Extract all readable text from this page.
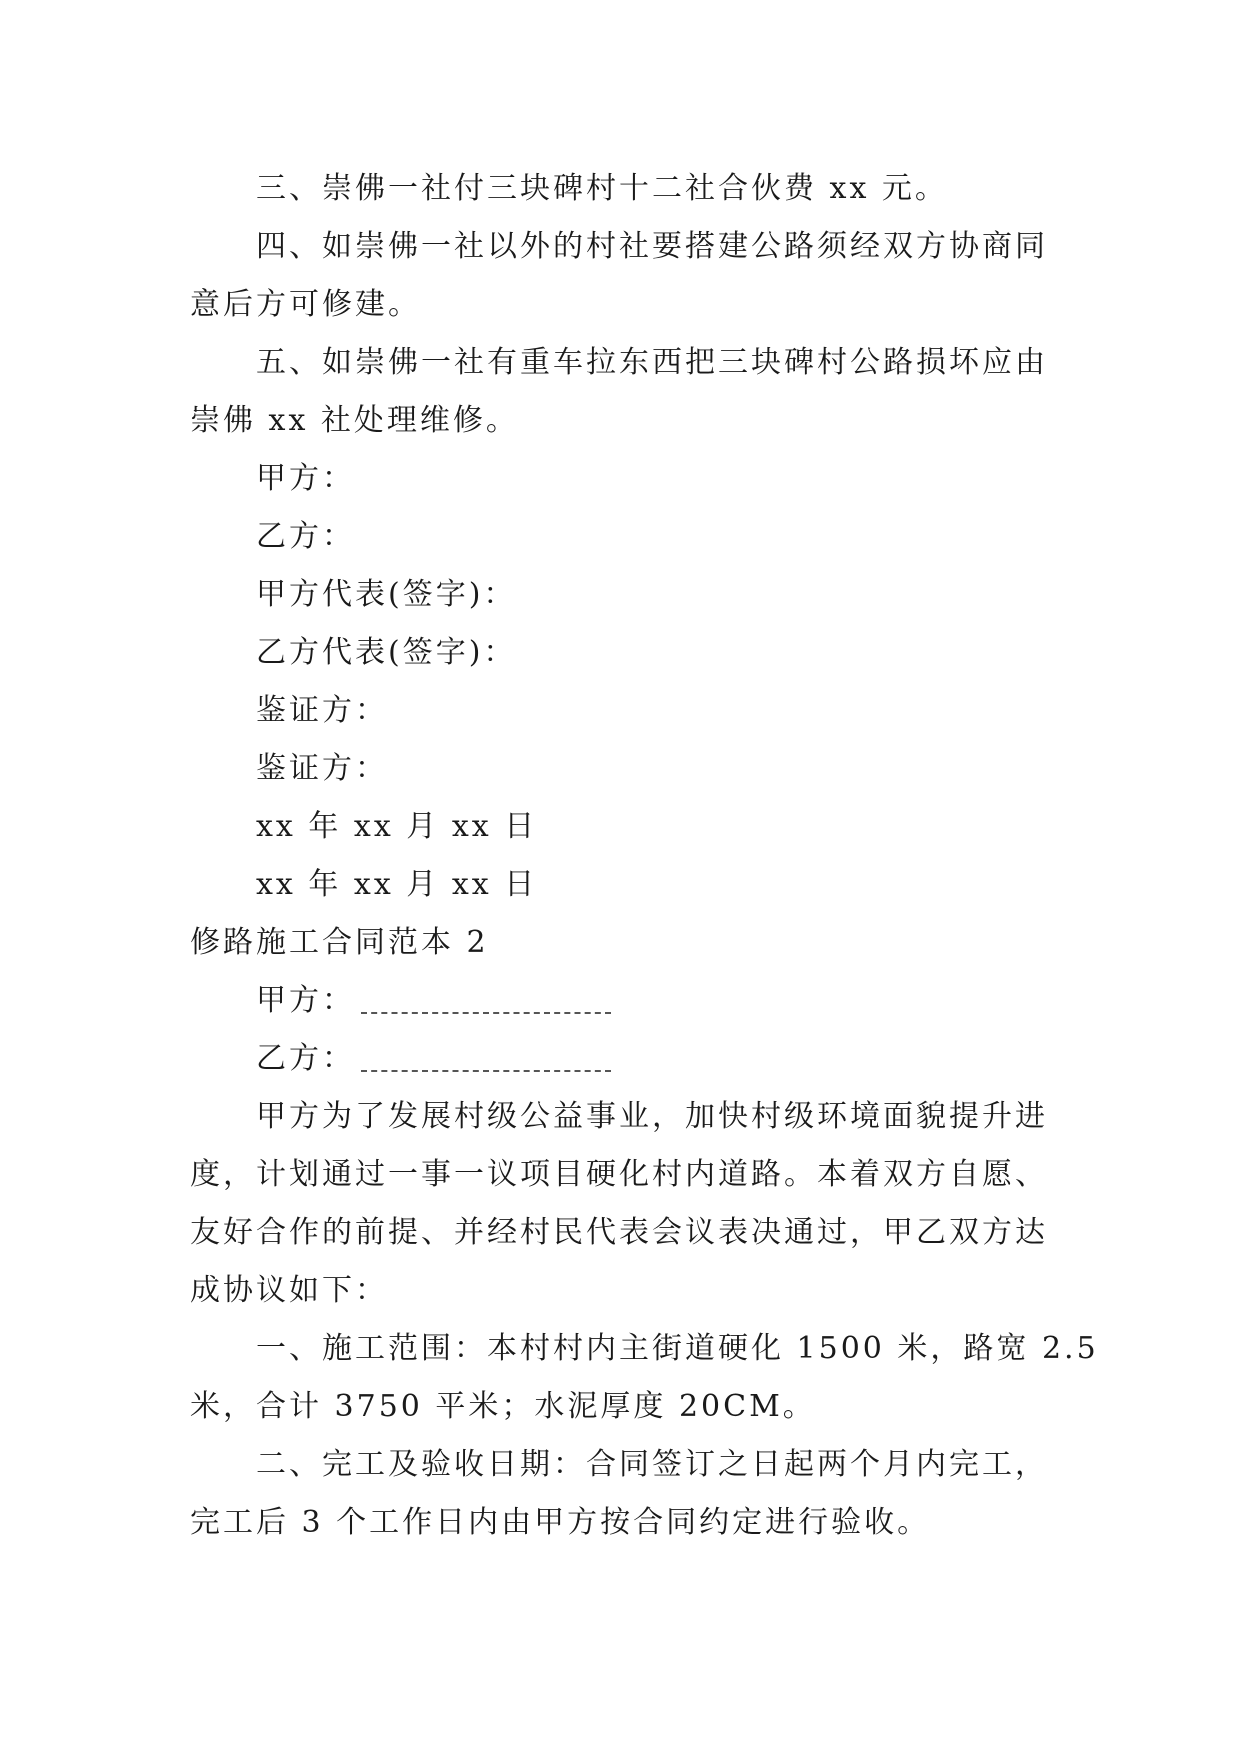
三、崇佛一社付三块碑村十二社合伙费 xx 元。
四、如崇佛一社以外的村社要搭建公路须经双方协商同
意后方可修建。
五、如崇佛一社有重车拉东西把三块碑村公路损坏应由
崇佛 xx 社处理维修。
甲方：
乙方：
甲方代表(签字)：
乙方代表(签字)：
鉴证方：
鉴证方：
xx 年 xx 月 xx 日
xx 年 xx 月 xx 日
修路施工合同范本 2
甲方：
乙方：
甲方为了发展村级公益事业，加快村级环境面貌提升进
度，计划通过一事一议项目硬化村内道路。本着双方自愿、
友好合作的前提、并经村民代表会议表决通过，甲乙双方达
成协议如下：
一、施工范围：本村村内主街道硬化 1500 米，路宽 2.5
米，合计 3750 平米；水泥厚度 20CM。
二、完工及验收日期：合同签订之日起两个月内完工，
完工后 3 个工作日内由甲方按合同约定进行验收。
